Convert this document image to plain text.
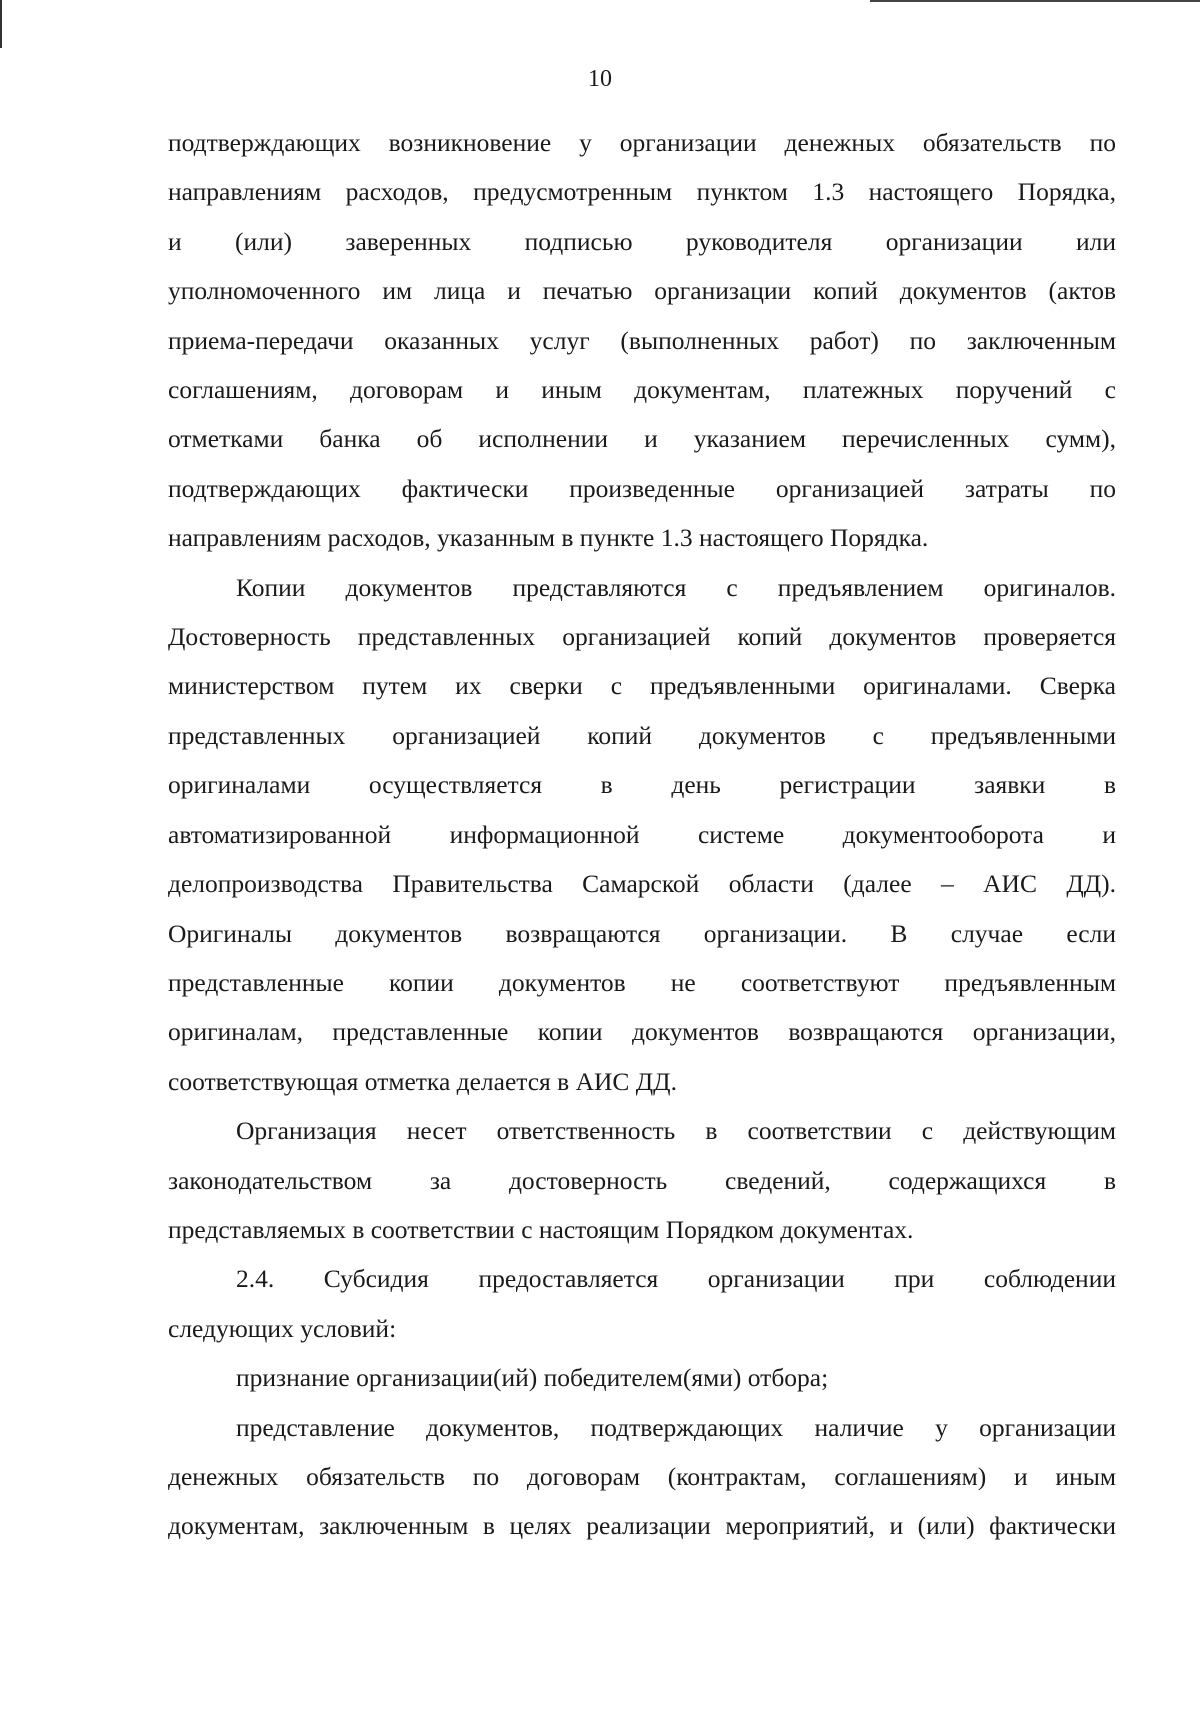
10
подтверждающих возникновение у организации денежных обязательств по
направлениям расходов, предусмотренным пунктом 1.3 настоящего Порядка,
и (или) заверенных подписью руководителя организации или
уполномоченного им лица и печатью организации копий документов (актов
приема-передачи оказанных услуг (выполненных работ) по заключенным
соглашениям, договорам и иным документам, платежных поручений с
отметками банка об исполнении и указанием перечисленных сумм),
подтверждающих фактически произведенные организацией затраты по
направлениям расходов, указанным в пункте 1.3 настоящего Порядка.
Копии документов представляются с предъявлением оригиналов.
Достоверность представленных организацией копий документов проверяется
министерством путем их сверки с предъявленными оригиналами. Сверка
представленных организацией копий документов с предъявленными
оригиналами осуществляется в день регистрации заявки в
автоматизированной информационной системе документооборота и
делопроизводства Правительства Самарской области (далее – АИС ДД).
Оригиналы документов возвращаются организации. В случае если
представленные копии документов не соответствуют предъявленным
оригиналам, представленные копии документов возвращаются организации,
соответствующая отметка делается в АИС ДД.
Организация несет ответственность в соответствии с действующим
законодательством за достоверность сведений, содержащихся в
представляемых в соответствии с настоящим Порядком документах.
2.4. Субсидия предоставляется организации при соблюдении
следующих условий:
признание организации(ий) победителем(ями) отбора;
представление документов, подтверждающих наличие у организации
денежных обязательств по договорам (контрактам, соглашениям) и иным
документам, заключенным в целях реализации мероприятий, и (или) фактически
